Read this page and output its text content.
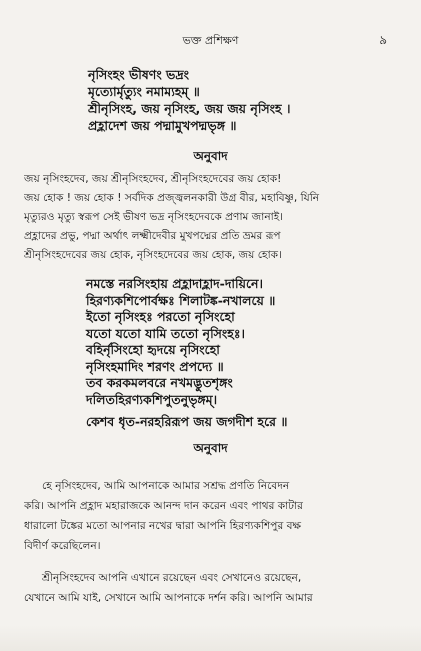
ভক্ত প্রশিক্ষণ	৯
নৃসিংহং ভীষণং ভদ্রং
মৃত্যোর্মৃত্যুং নমাম্যহম্ ॥
শ্রীনৃসিংহ, জয় নৃসিংহ, জয় জয় নৃসিংহ ।
প্রহ্লাদেশ জয় পদ্মামুখপদ্মভৃঙ্গ ॥
অনুবাদ
জয় নৃসিংহদেব, জয় শ্রীনৃসিংহদেব, শ্রীনৃসিংহদেবের জয় হোক!
জয় হোক ! জয় হোক ! সর্বদিক প্রজ্জ্বলনকারী উগ্র বীর, মহাবিষ্ণু, যিনি
মৃত্যুরও মৃত্যু স্বরূপ সেই ভীষণ ভদ্র নৃসিংহদেবকে প্রণাম জানাই।
প্রহ্লাদের প্রভু, পদ্মা অর্থাৎ লক্ষ্মীদেবীর মুখপদ্মের প্রতি ভ্রমর রূপ
শ্রীনৃসিংহদেবের জয় হোক, নৃসিংহদেবের জয় হোক, জয় হোক।
নমস্তে নরসিংহায় প্রহ্লাদাহ্লাদ-দায়িনে।
হিরণ্যকশিপোর্বক্ষঃ শিলাটঙ্ক-নখালয়ে ॥
ইতো নৃসিংহঃ পরতো নৃসিংহো
যতো যতো যামি ততো নৃসিংহঃ।
বহির্নৃসিংহো হৃদয়ে নৃসিংহো
নৃসিংহমাদিং শরণং প্রপদ্যে ॥
তব করকমলবরে নখমদ্ভুতশৃঙ্গং
দলিতহিরণ্যকশিপুতনুভৃঙ্গম্।
কেশব ধৃত-নরহরিরূপ জয় জগদীশ হরে ॥
অনুবাদ
হে নৃসিংহদেব, আমি আপনাকে আমার সশ্রদ্ধ প্রণতি নিবেদন
করি। আপনি প্রহ্লাদ মহারাজকে আনন্দ দান করেন এবং পাথর কাটার
ধারালো টঙ্কের মতো আপনার নখের দ্বারা আপনি হিরণ্যকশিপুর বক্ষ
বিদীর্ণ করেছিলেন।
শ্রীনৃসিংহদেব আপনি এখানে রয়েছেন এবং সেখানেও রয়েছেন,
যেখানে আমি যাই, সেখানে আমি আপনাকে দর্শন করি। আপনি আমার
